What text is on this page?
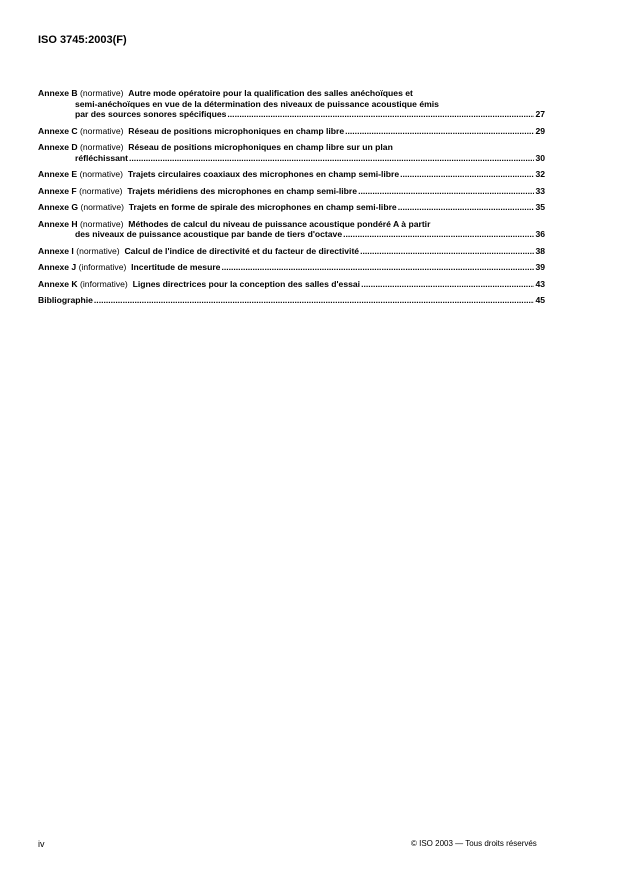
ISO 3745:2003(F)
Annexe B (normative) Autre mode opératoire pour la qualification des salles anéchoïques et
semi-anéchoïques en vue de la détermination des niveaux de puissance acoustique émis
par des sources sonores spécifiques .....	27
Annexe C (normative) Réseau de positions microphoniques en champ libre .....	29
Annexe D (normative) Réseau de positions microphoniques en champ libre sur un plan
réfléchissant .....	30
Annexe E (normative) Trajets circulaires coaxiaux des microphones en champ semi-libre .....	32
Annexe F (normative) Trajets méridiens des microphones en champ semi-libre .....	33
Annexe G (normative) Trajets en forme de spirale des microphones en champ semi-libre .....	35
Annexe H (normative) Méthodes de calcul du niveau de puissance acoustique pondéré A à partir
des niveaux de puissance acoustique par bande de tiers d'octave .....	36
Annexe I (normative) Calcul de l'indice de directivité et du facteur de directivité .....	38
Annexe J (informative) Incertitude de mesure .....	39
Annexe K (informative) Lignes directrices pour la conception des salles d'essai .....	43
Bibliographie .....	45
iv	© ISO 2003 — Tous droits réservés
